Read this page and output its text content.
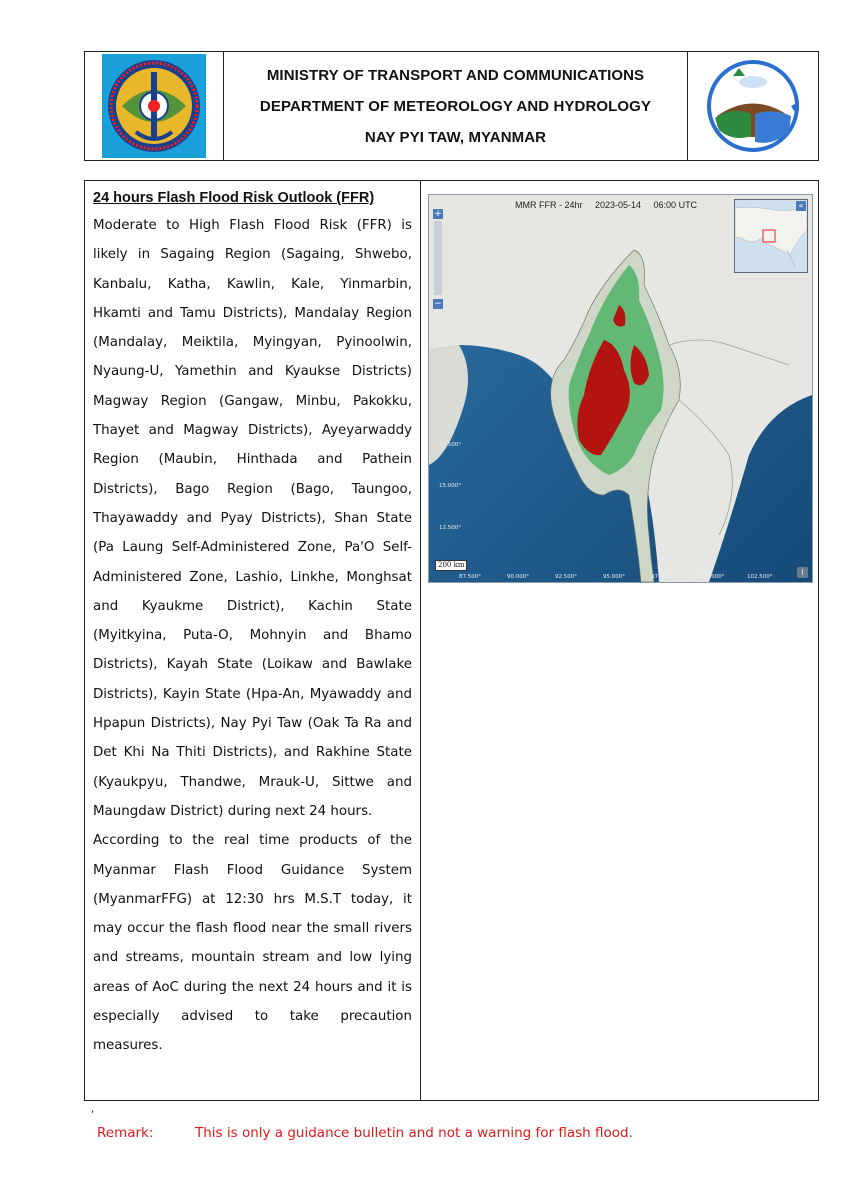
MINISTRY OF TRANSPORT AND COMMUNICATIONS
DEPARTMENT OF METEOROLOGY AND HYDROLOGY
NAY PYI TAW, MYANMAR
24 hours Flash Flood Risk Outlook (FFR)

Moderate to High Flash Flood Risk (FFR) is likely in Sagaing Region (Sagaing, Shwebo, Kanbalu, Katha, Kawlin, Kale, Yinmarbin, Hkamti and Tamu Districts), Mandalay Region (Mandalay, Meiktila, Myingyan, Pyinoolwin, Nyaung-U, Yamethin and Kyaukse Districts) Magway Region (Gangaw, Minbu, Pakokku, Thayet and Magway Districts), Ayeyarwaddy Region (Maubin, Hinthada and Pathein Districts), Bago Region (Bago, Taungoo, Thayawaddy and Pyay Districts), Shan State (Pa Laung Self-Administered Zone, Pa'O Self-Administered Zone, Lashio, Linkhe, Monghsat and Kyaukme District), Kachin State (Myitkyina, Puta-O, Mohnyin and Bhamo Districts), Kayah State (Loikaw and Bawlake Districts), Kayin State (Hpa-An, Myawaddy and Hpapun Districts), Nay Pyi Taw (Oak Ta Ra and Det Khi Na Thiti Districts), and Rakhine State (Kyaukpyu, Thandwe, Mrauk-U, Sittwe and Maungdaw District) during next 24 hours.

According to the real time products of the Myanmar Flash Flood Guidance System (MyanmarFFG) at 12:30 hrs M.S.T today, it may occur the flash flood near the small rivers and streams, mountain stream and low lying areas of AoC during the next 24 hours and it is especially advised to take precaution measures.

MMR FFR - 24hr     2023-05-14     06:00 UTC
+
−
17.500°
15.000°
12.500°
87.500°	90.000°	92.500°	95.000°	97.500°	100.000°	102.500°
«
200 km
i
,
Remark:	This is only a guidance bulletin and not a warning for flash flood.
